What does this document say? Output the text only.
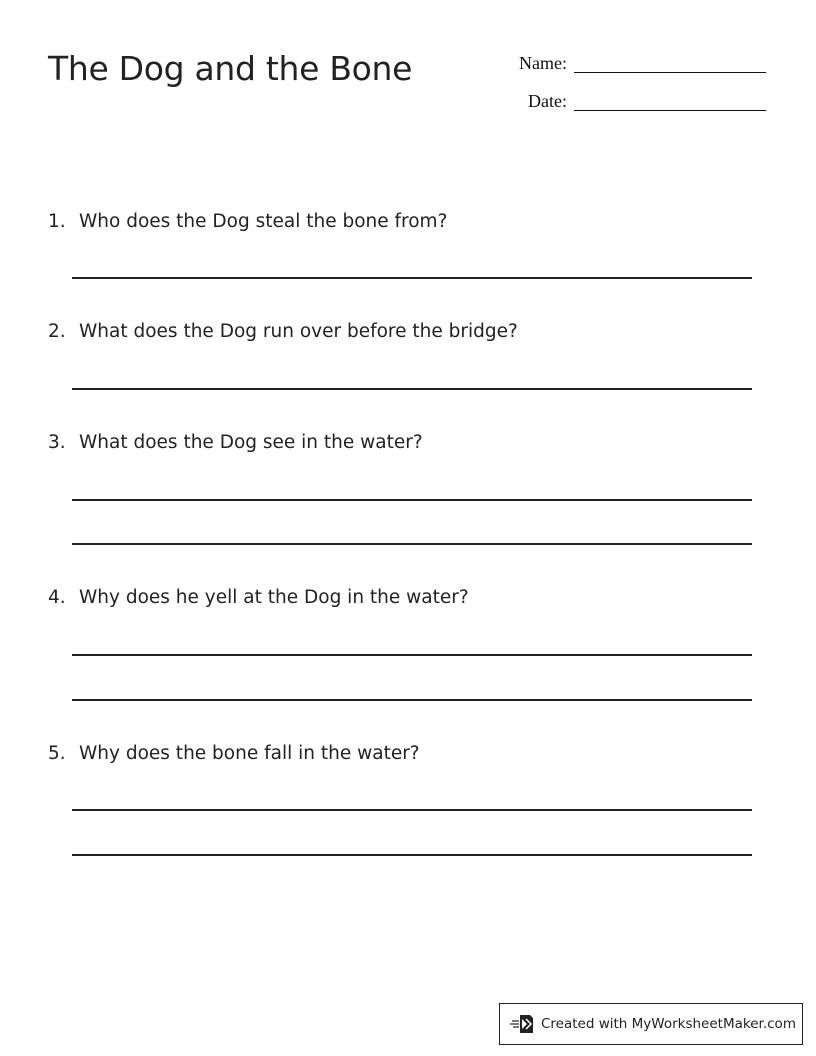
The Dog and the Bone	Name:
Date:
1. Who does the Dog steal the bone from?
2. What does the Dog run over before the bridge?
3. What does the Dog see in the water?
4. Why does he yell at the Dog in the water?
5. Why does the bone fall in the water?
Created with MyWorksheetMaker.com
